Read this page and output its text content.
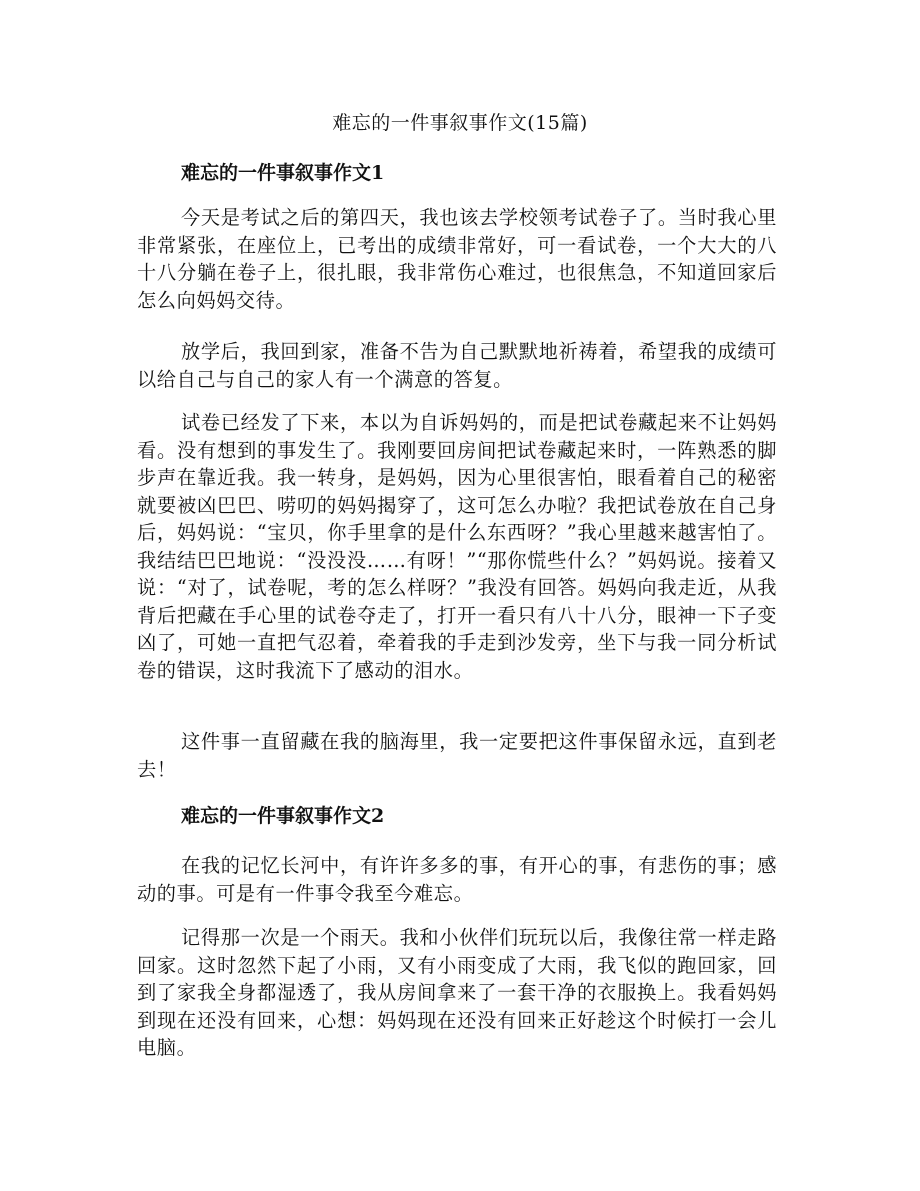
难忘的一件事叙事作文(15篇)
难忘的一件事叙事作文1

今天是考试之后的第四天，我也该去学校领考试卷子了。当时我心里非常紧张，在座位上，已考出的成绩非常好，可一看试卷，一个大大的八十八分躺在卷子上，很扎眼，我非常伤心难过，也很焦急，不知道回家后怎么向妈妈交待。

放学后，我回到家，准备不告为自己默默地祈祷着，希望我的成绩可以给自己与自己的家人有一个满意的答复。

试卷已经发了下来，本以为自诉妈妈的，而是把试卷藏起来不让妈妈看。没有想到的事发生了。我刚要回房间把试卷藏起来时，一阵熟悉的脚步声在靠近我。我一转身，是妈妈，因为心里很害怕，眼看着自己的秘密就要被凶巴巴、唠叨的妈妈揭穿了，这可怎么办啦？我把试卷放在自己身后，妈妈说：“宝贝，你手里拿的是什么东西呀？”我心里越来越害怕了。我结结巴巴地说：“没没没……有呀！”“那你慌些什么？”妈妈说。接着又说：“对了，试卷呢，考的怎么样呀？”我没有回答。妈妈向我走近，从我背后把藏在手心里的试卷夺走了，打开一看只有八十八分，眼神一下子变凶了，可她一直把气忍着，牵着我的手走到沙发旁，坐下与我一同分析试卷的错误，这时我流下了感动的泪水。

这件事一直留藏在我的脑海里，我一定要把这件事保留永远，直到老去！

难忘的一件事叙事作文2

在我的记忆长河中，有许许多多的事，有开心的事，有悲伤的事；感动的事。可是有一件事令我至今难忘。

记得那一次是一个雨天。我和小伙伴们玩玩以后，我像往常一样走路回家。这时忽然下起了小雨，又有小雨变成了大雨，我飞似的跑回家，回到了家我全身都湿透了，我从房间拿来了一套干净的衣服换上。我看妈妈到现在还没有回来，心想：妈妈现在还没有回来正好趁这个时候打一会儿电脑。
